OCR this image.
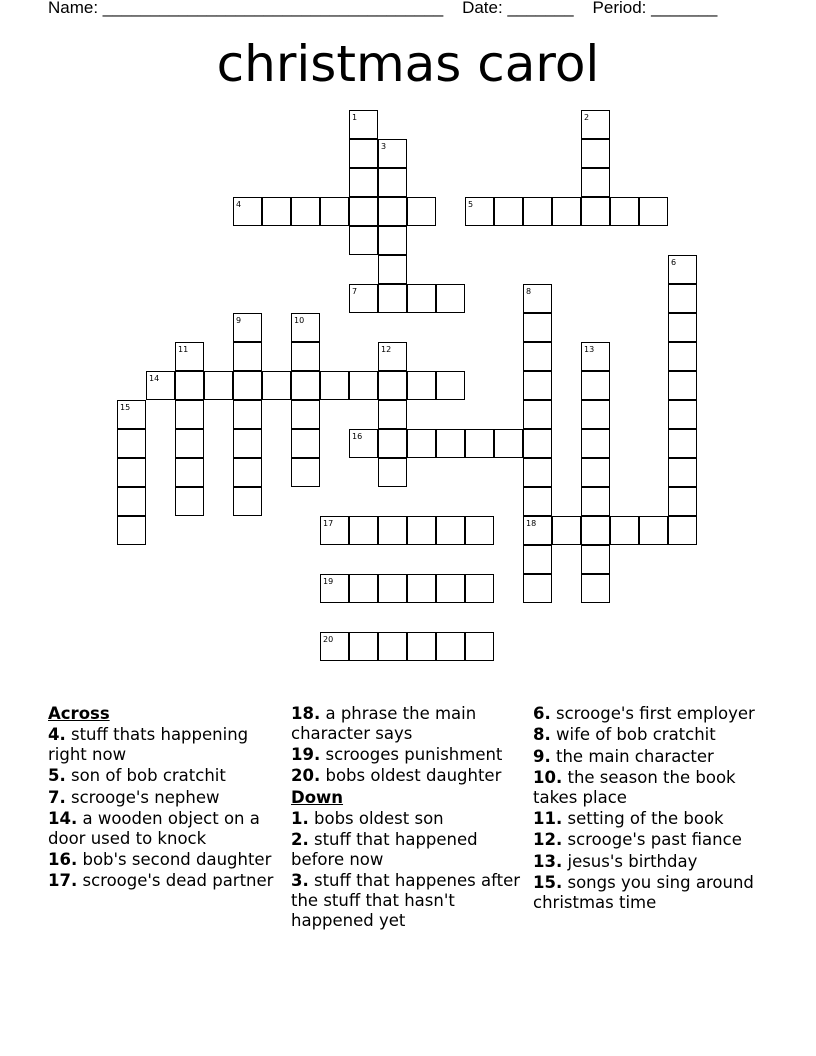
Name: ____________________________________ Date: _______ Period: _______
christmas carol
1	2
3
4	5
6
7	8
18
9	10
11	12	13
14
15
16
17
19
20
Across
4. stuff thats happening right now
5. son of bob cratchit
7. scrooge's nephew
14. a wooden object on a door used to knock
16. bob's second daughter
17. scrooge's dead partner
18. a phrase the main character says
19. scrooges punishment
20. bobs oldest daughter
Down
1. bobs oldest son
2. stuff that happened before now
3. stuff that happenes after the stuff that hasn't happened yet
6. scrooge's first employer
8. wife of bob cratchit
9. the main character
10. the season the book takes place
11. setting of the book
12. scrooge's past fiance
13. jesus's birthday
15. songs you sing around christmas time
